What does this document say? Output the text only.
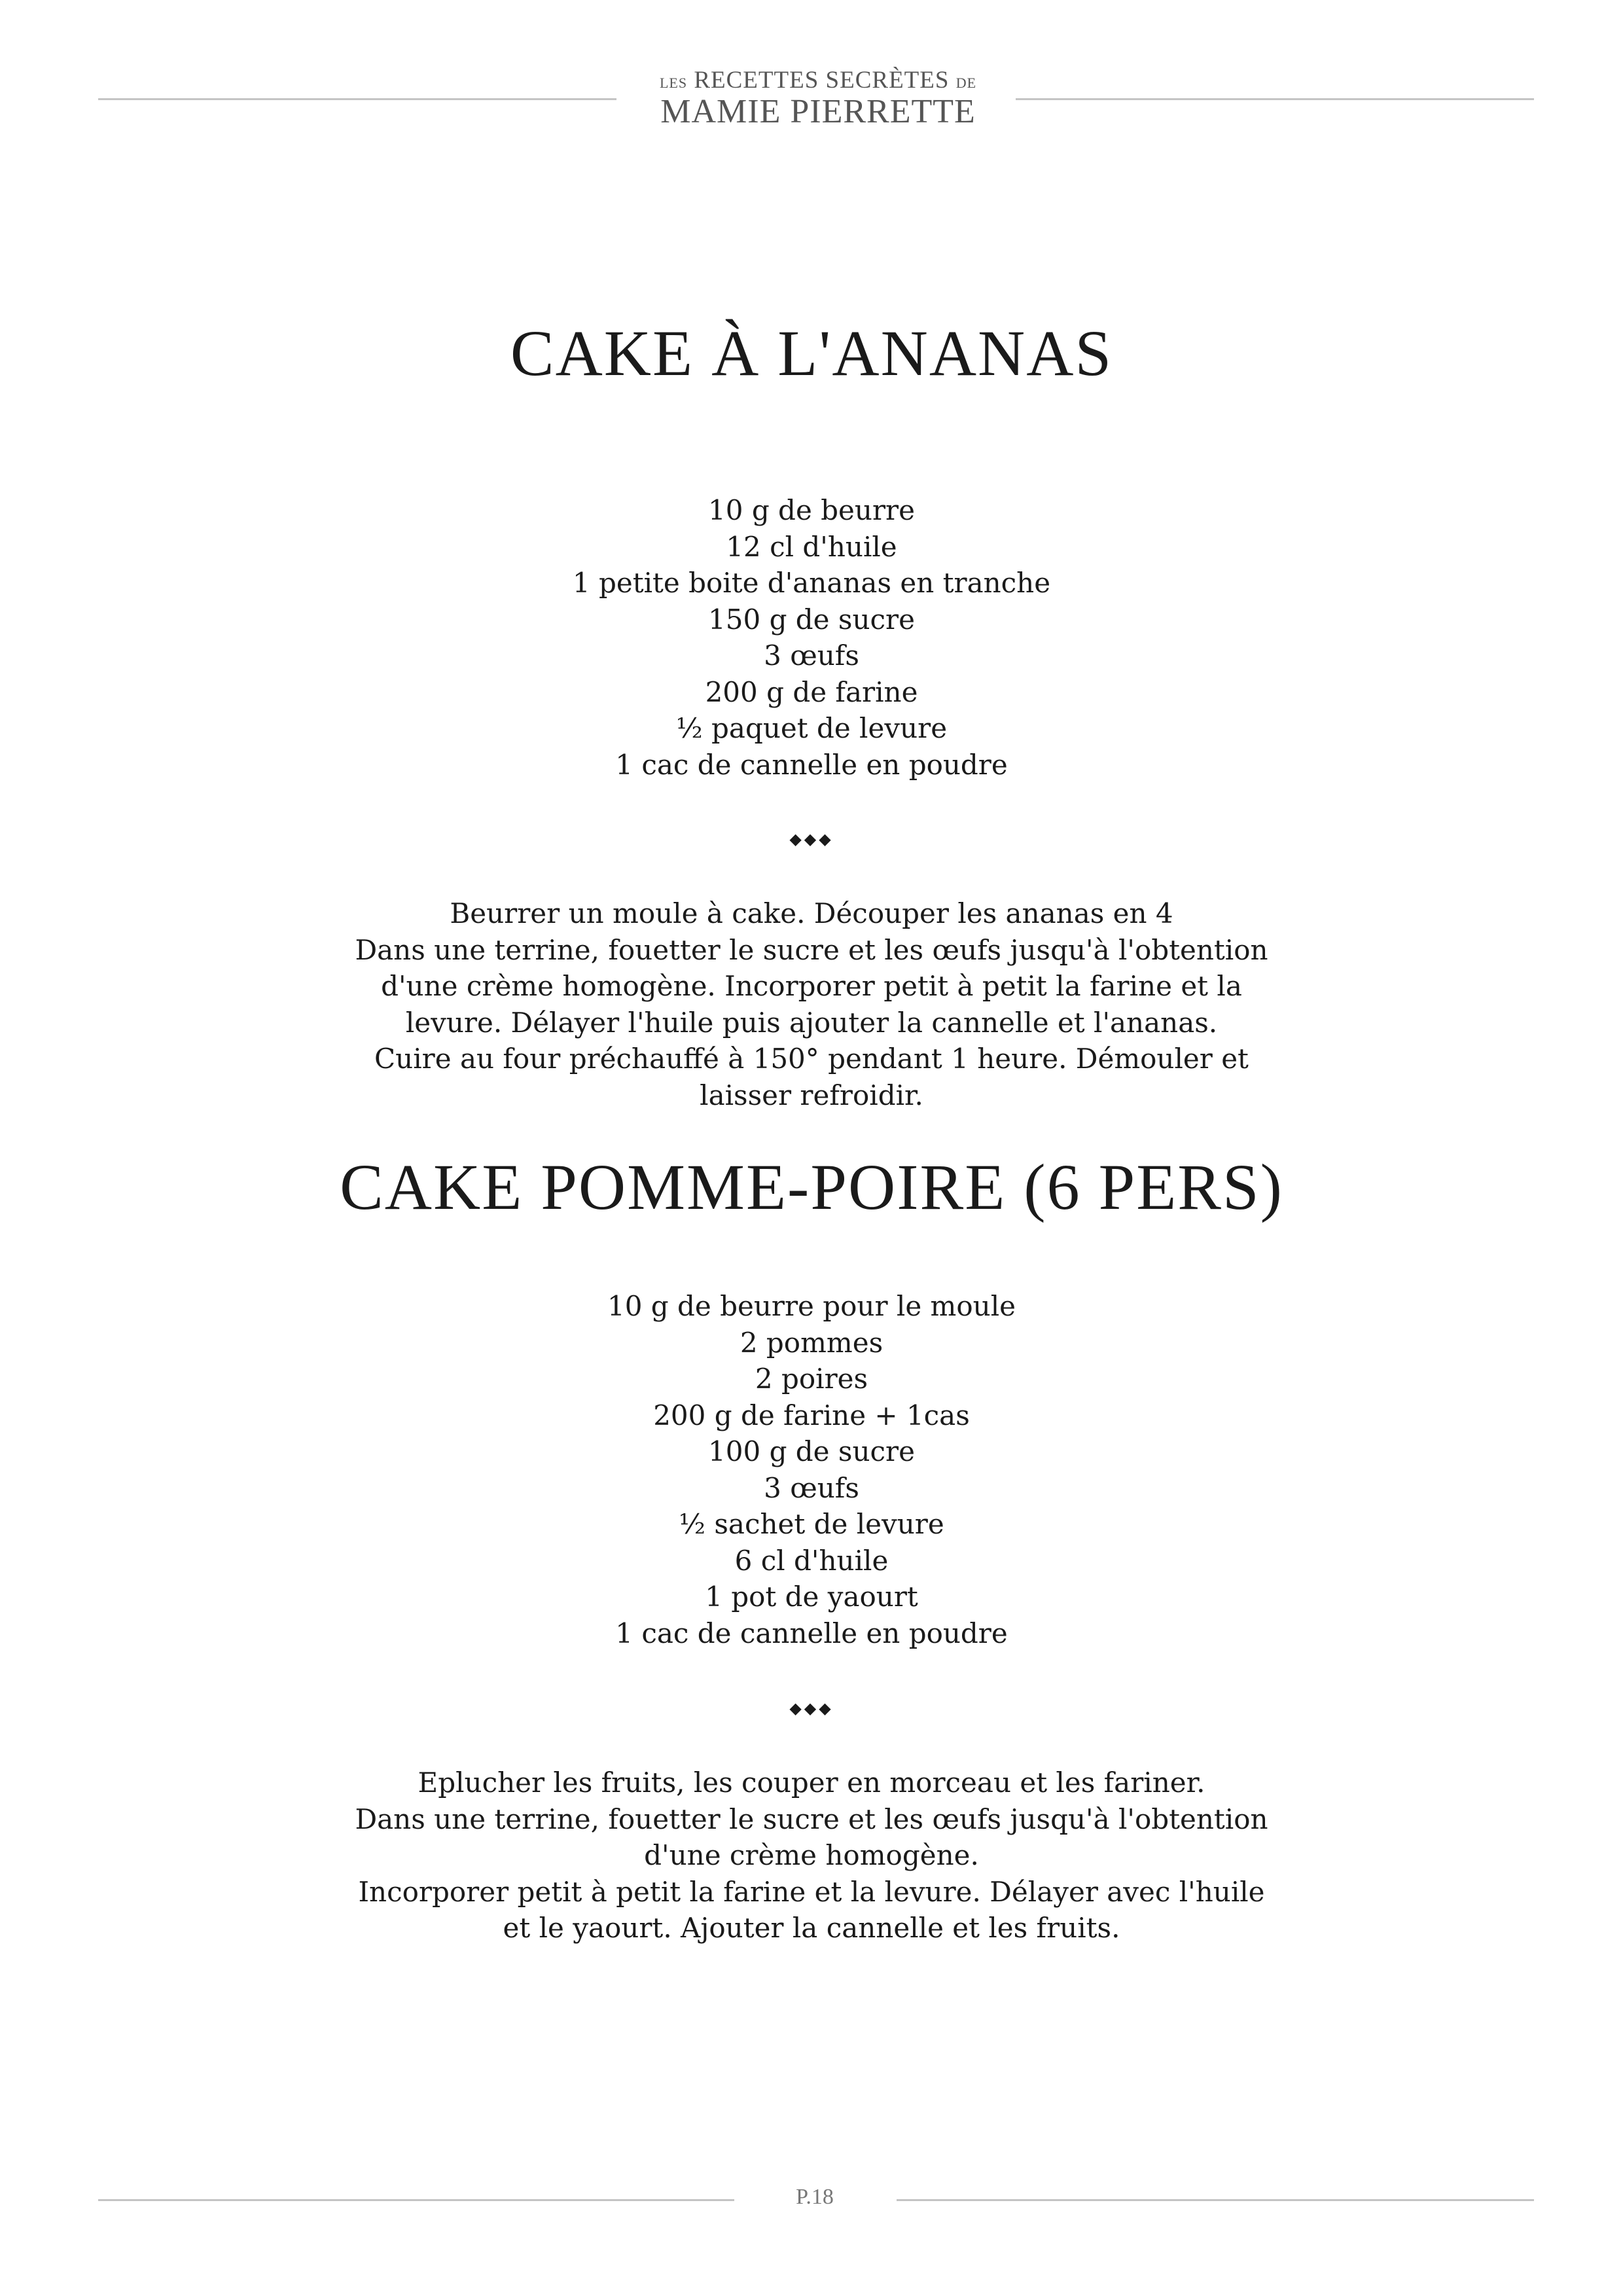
LES RECETTES SECRÈTES DE
MAMIE PIERRETTE
CAKE À L'ANANAS
10 g de beurre
12 cl d'huile
1 petite boite d'ananas en tranche
150 g de sucre
3 œufs
200 g de farine
½ paquet de levure
1 cac de cannelle en poudre
◆◆◆
Beurrer un moule à cake. Découper les ananas en 4
Dans une terrine, fouetter le sucre et les œufs jusqu'à l'obtention
d'une crème homogène. Incorporer petit à petit la farine et la
levure. Délayer l'huile puis ajouter la cannelle et l'ananas.
Cuire au four préchauffé à 150° pendant 1 heure. Démouler et
laisser refroidir.
CAKE POMME-POIRE (6 PERS)
10 g de beurre pour le moule
2 pommes
2 poires
200 g de farine + 1cas
100 g de sucre
3 œufs
½ sachet de levure
6 cl d'huile
1 pot de yaourt
1 cac de cannelle en poudre
◆◆◆
Eplucher les fruits, les couper en morceau et les fariner.
Dans une terrine, fouetter le sucre et les œufs jusqu'à l'obtention
d'une crème homogène.
Incorporer petit à petit la farine et la levure. Délayer avec l'huile
et le yaourt. Ajouter la cannelle et les fruits.
P.18
